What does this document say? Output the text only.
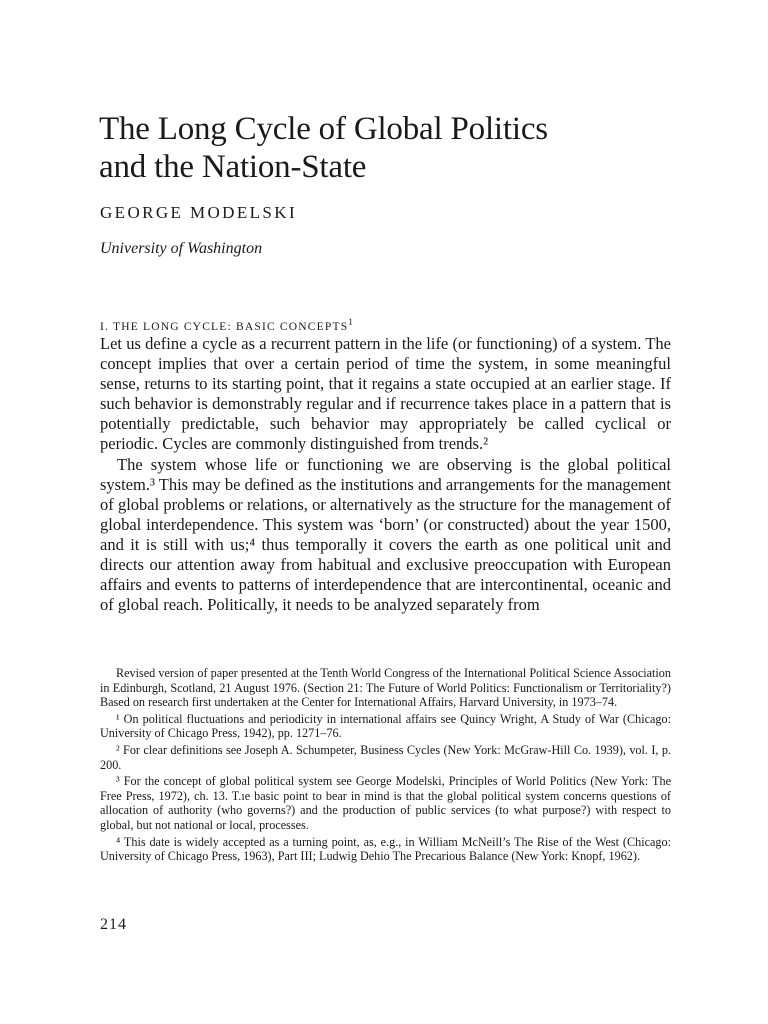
The Long Cycle of Global Politics
and the Nation-State

GEORGE MODELSKI

University of Washington

I. THE LONG CYCLE: BASIC CONCEPTS$^1$

Let us define a cycle as a recurrent pattern in the life (or functioning) of a system. The concept implies that over a certain period of time the system, in some meaningful sense, returns to its starting point, that it regains a state occupied at an earlier stage. If such behavior is demonstrably regular and if recurrence takes place in a pattern that is potentially predictable, such behavior may appropriately be called cyclical or periodic. Cycles are commonly distinguished from trends.²

The system whose life or functioning we are observing is the global political system.³ This may be defined as the institutions and arrangements for the management of global problems or relations, or alternatively as the structure for the management of global interdependence. This system was ‘born’ (or constructed) about the year 1500, and it is still with us;⁴ thus temporally it covers the earth as one political unit and directs our attention away from habitual and exclusive preoccupation with European affairs and events to patterns of interdependence that are intercontinental, oceanic and of global reach. Politically, it needs to be analyzed separately from

Revised version of paper presented at the Tenth World Congress of the International Political Science Association in Edinburgh, Scotland, 21 August 1976. (Section 21: The Future of World Politics: Functionalism or Territoriality?) Based on research first undertaken at the Center for International Affairs, Harvard University, in 1973–74.

¹ On political fluctuations and periodicity in international affairs see Quincy Wright, A Study of War (Chicago: University of Chicago Press, 1942), pp. 1271–76.

² For clear definitions see Joseph A. Schumpeter, Business Cycles (New York: McGraw-Hill Co. 1939), vol. I, p. 200.

³ For the concept of global political system see George Modelski, Principles of World Politics (New York: The Free Press, 1972), ch. 13. T.ıe basic point to bear in mind is that the global political system concerns questions of allocation of authority (who governs?) and the production of public services (to what purpose?) with respect to global, but not national or local, processes.

⁴ This date is widely accepted as a turning point, as, e.g., in William McNeill’s The Rise of the West (Chicago: University of Chicago Press, 1963), Part III; Ludwig Dehio The Precarious Balance (New York: Knopf, 1962).

214
